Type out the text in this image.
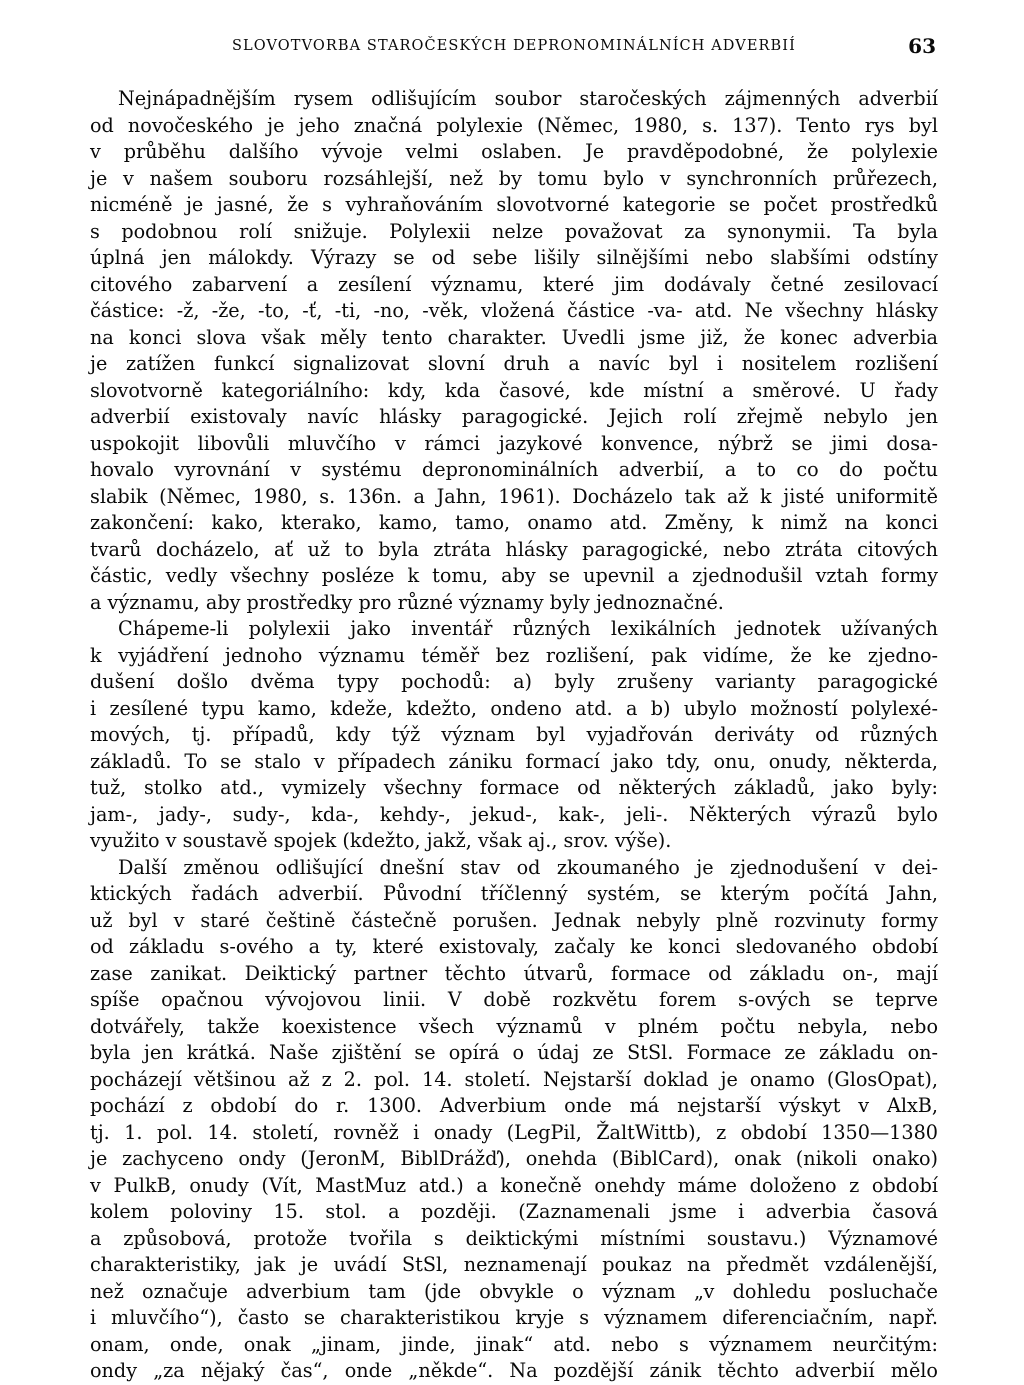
SLOVOTVORBA STAROČESKÝCH DEPRONOMINÁLNÍCH ADVERBIÍ	63
Nejnápadnějším rysem odlišujícím soubor staročeských zájmenných adverbií
od novočeského je jeho značná polylexie (Němec, 1980, s. 137). Tento rys byl
v průběhu dalšího vývoje velmi oslaben. Je pravděpodobné, že polylexie
je v našem souboru rozsáhlejší, než by tomu bylo v synchronních průřezech,
nicméně je jasné, že s vyhraňováním slovotvorné kategorie se počet prostředků
s podobnou rolí snižuje. Polylexii nelze považovat za synonymii. Ta byla
úplná jen málokdy. Výrazy se od sebe lišily silnějšími nebo slabšími odstíny
citového zabarvení a zesílení významu, které jim dodávaly četné zesilovací
částice: -ž, -že, -to, -ť, -ti, -no, -věk, vložená částice -va- atd. Ne všechny hlásky
na konci slova však měly tento charakter. Uvedli jsme již, že konec adverbia
je zatížen funkcí signalizovat slovní druh a navíc byl i nositelem rozlišení
slovotvorně kategoriálního: kdy, kda časové, kde místní a směrové. U řady
adverbií existovaly navíc hlásky paragogické. Jejich rolí zřejmě nebylo jen
uspokojit libovůli mluvčího v rámci jazykové konvence, nýbrž se jimi dosa-
hovalo vyrovnání v systému depronominálních adverbií, a to co do počtu
slabik (Němec, 1980, s. 136n. a Jahn, 1961). Docházelo tak až k jisté uniformitě
zakončení: kako, kterako, kamo, tamo, onamo atd. Změny, k nimž na konci
tvarů docházelo, ať už to byla ztráta hlásky paragogické, nebo ztráta citových
částic, vedly všechny posléze k tomu, aby se upevnil a zjednodušil vztah formy
a významu, aby prostředky pro různé významy byly jednoznačné.
Chápeme-li polylexii jako inventář různých lexikálních jednotek užívaných
k vyjádření jednoho významu téměř bez rozlišení, pak vidíme, že ke zjedno-
dušení došlo dvěma typy pochodů: a) byly zrušeny varianty paragogické
i zesílené typu kamo, kdeže, kdežto, ondeno atd. a b) ubylo možností polylexé-
mových, tj. případů, kdy týž význam byl vyjadřován deriváty od různých
základů. To se stalo v případech zániku formací jako tdy, onu, onudy, některda,
tuž, stolko atd., vymizely všechny formace od některých základů, jako byly:
jam-, jady-, sudy-, kda-, kehdy-, jekud-, kak-, jeli-. Některých výrazů bylo
využito v soustavě spojek (kdežto, jakž, však aj., srov. výše).
Další změnou odlišující dnešní stav od zkoumaného je zjednodušení v dei-
ktických řadách adverbií. Původní tříčlenný systém, se kterým počítá Jahn,
už byl v staré češtině částečně porušen. Jednak nebyly plně rozvinuty formy
od základu s-ového a ty, které existovaly, začaly ke konci sledovaného období
zase zanikat. Deiktický partner těchto útvarů, formace od základu on-, mají
spíše opačnou vývojovou linii. V době rozkvětu forem s-ových se teprve
dotvářely, takže koexistence všech významů v plném počtu nebyla, nebo
byla jen krátká. Naše zjištění se opírá o údaj ze StSl. Formace ze základu on-
pocházejí většinou až z 2. pol. 14. století. Nejstarší doklad je onamo (GlosOpat),
pochází z období do r. 1300. Adverbium onde má nejstarší výskyt v AlxB,
tj. 1. pol. 14. století, rovněž i onady (LegPil, ŽaltWittb), z období 1350—1380
je zachyceno ondy (JeronM, BiblDrážď), onehda (BiblCard), onak (nikoli onako)
v PulkB, onudy (Vít, MastMuz atd.) a konečně onehdy máme doloženo z období
kolem poloviny 15. stol. a později. (Zaznamenali jsme i adverbia časová
a způsobová, protože tvořila s deiktickými místními soustavu.) Významové
charakteristiky, jak je uvádí StSl, neznamenají poukaz na předmět vzdálenější,
než označuje adverbium tam (jde obvykle o význam „v dohledu posluchače
i mluvčího“), často se charakteristikou kryje s významem diferenciačním, např.
onam, onde, onak „jinam, jinde, jinak“ atd. nebo s významem neurčitým:
ondy „za nějaký čas“, onde „někde“. Na pozdější zánik těchto adverbií mělo
